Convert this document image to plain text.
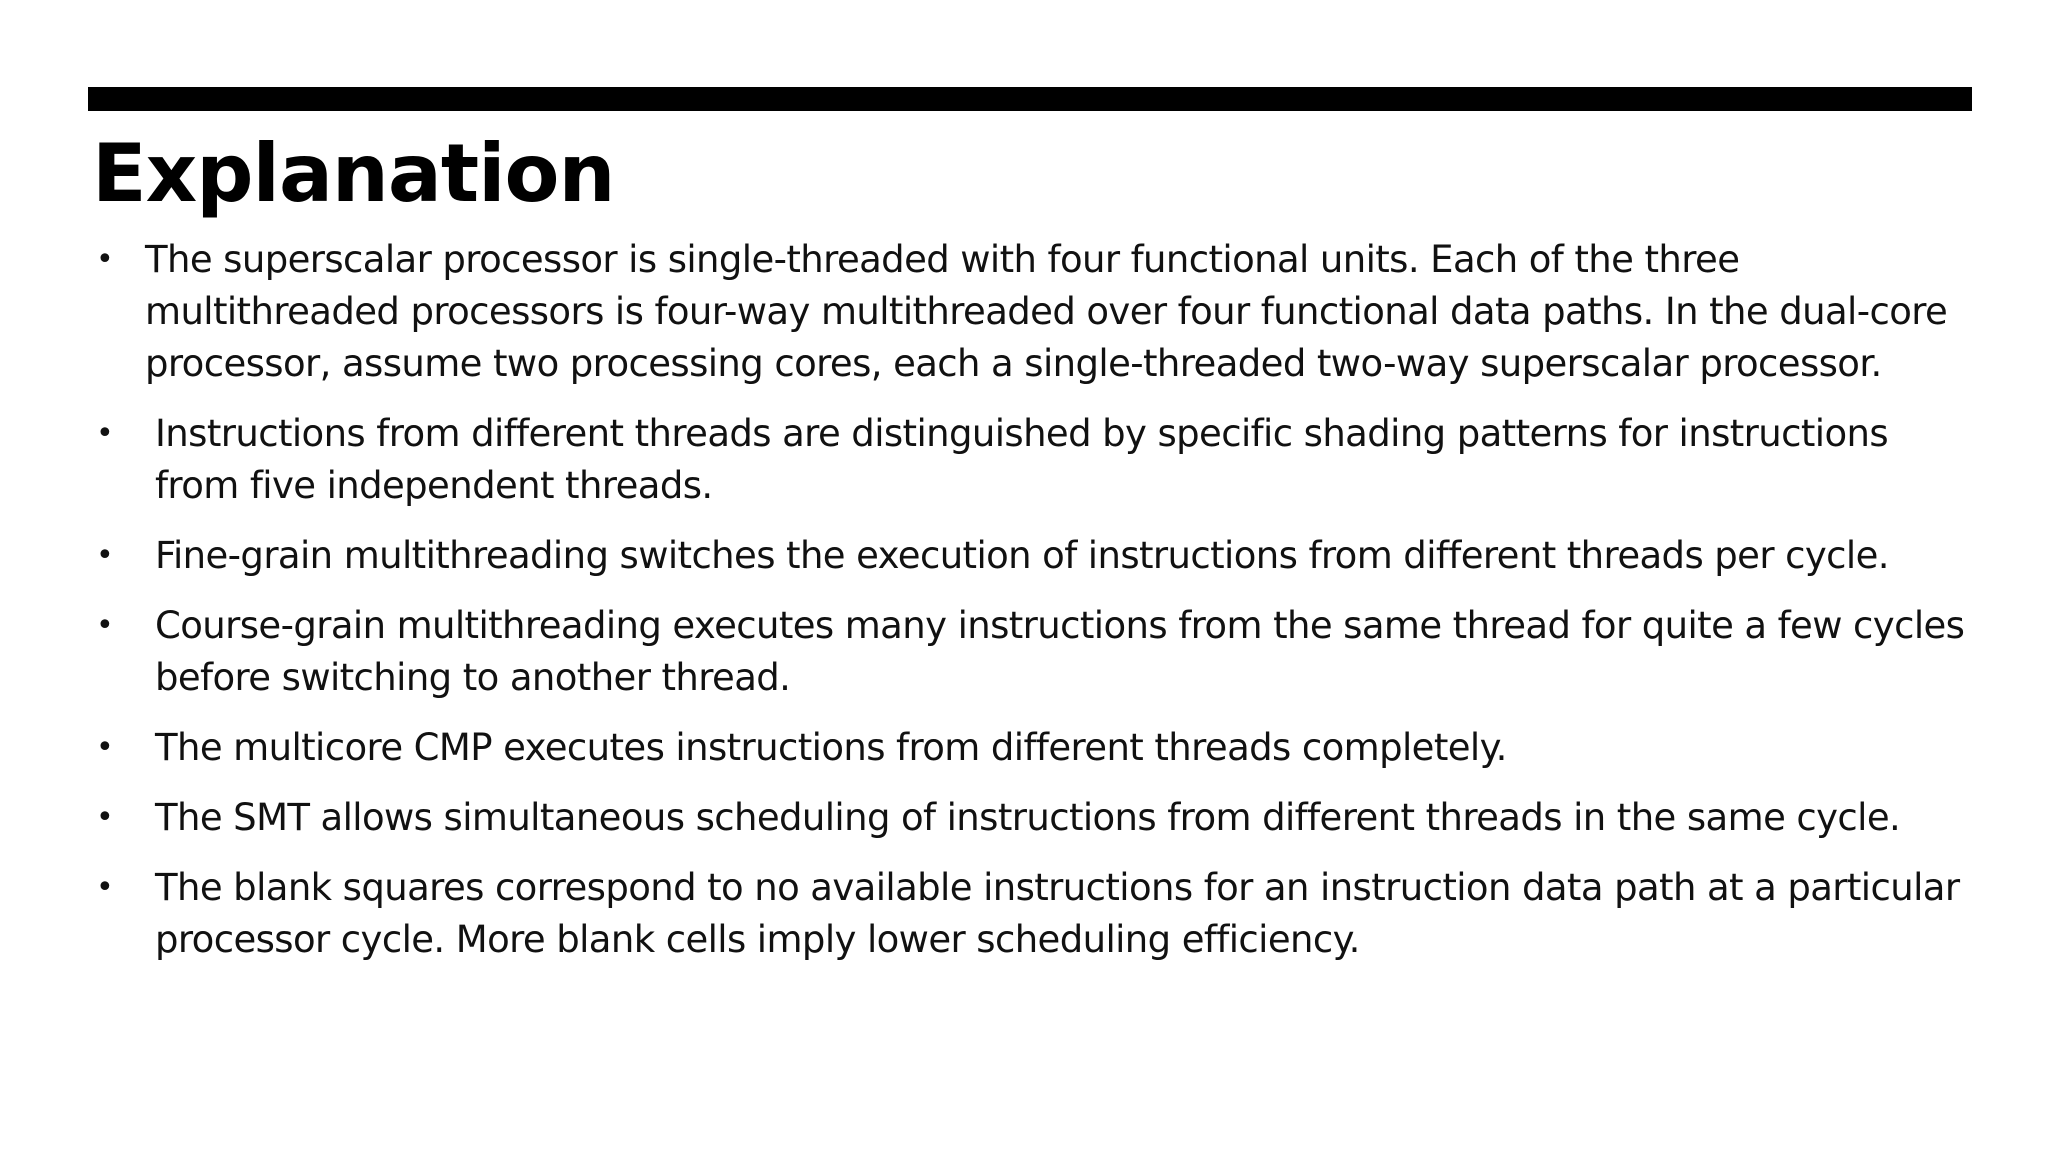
Explanation
• The superscalar processor is single-threaded with four functional units. Each of the three multithreaded processors is four-way multithreaded over four functional data paths. In the dual-core processor, assume two processing cores, each a single-threaded two-way superscalar processor.
• Instructions from different threads are distinguished by specific shading patterns for instructions from five independent threads.
• Fine-grain multithreading switches the execution of instructions from different threads per cycle.
• Course-grain multithreading executes many instructions from the same thread for quite a few cycles before switching to another thread.
• The multicore CMP executes instructions from different threads completely.
• The SMT allows simultaneous scheduling of instructions from different threads in the same cycle.
• The blank squares correspond to no available instructions for an instruction data path at a particular processor cycle. More blank cells imply lower scheduling efficiency.
